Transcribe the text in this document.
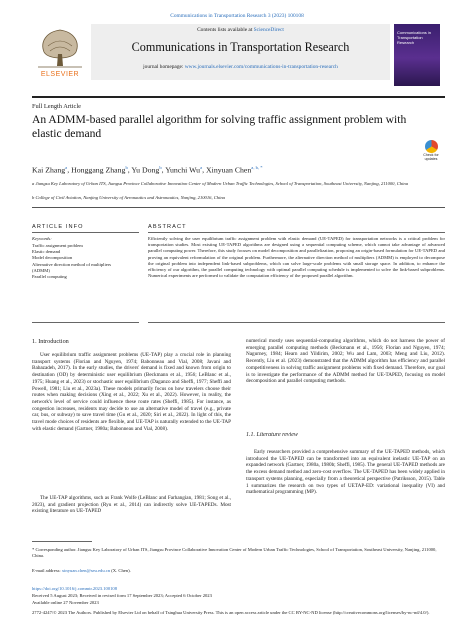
Communications in Transportation Research 3 (2023) 100108
ELSEVIER
Contents lists available at ScienceDirect
Communications in Transportation Research
journal homepage: www.journals.elsevier.com/communications-in-transportation-research
Communications in Transportation Research
Full Length Article
An ADMM-based parallel algorithm for solving traffic assignment problem with elastic demand
Check for updates
Kai Zhang$^a$, Honggang Zhang$^b$, Yu Dong$^b$, Yunchi Wu$^a$, Xinyuan Chen$^{a, b, *}$
a Jiangsu Key Laboratory of Urban ITS, Jiangsu Province Collaborative Innovation Center of Modern Urban Traffic Technologies, School of Transportation, Southeast University, Nanjing, 211000, China
b College of Civil Aviation, Nanjing University of Aeronautics and Astronautics, Nanjing, 210016, China
ARTICLE INFO
Keywords:
Traffic assignment problem
Elastic demand
Model decomposition
Alternative direction method of multipliers
(ADMM)
Parallel computing
ABSTRACT
Efficiently solving the user equilibrium traffic assignment problem with elastic demand (UE-TAPED) for transportation networks is a critical problem for transportation studies. Most existing UE-TAPED algorithms are designed using a sequential computing scheme, which cannot take advantage of advanced parallel computing power. Therefore, this study focuses on model decomposition and parallelization, proposing an origin-based formulation for UE-TAPED and proving an equivalent reformulation of the original problem. Furthermore, the alternative direction method of multipliers (ADMM) is employed to decompose the original problem into independent link-based subproblems, which can solve large-scale problems with small storage space. In addition, to enhance the efficiency of our algorithm, the parallel computing technology with optimal parallel computing schedule is implemented to solve the link-based subproblems. Numerical experiments are performed to validate the computation efficiency of the proposed parallel algorithm.
1. Introduction

User equilibrium traffic assignment problems (UE-TAP) play a crucial role in planning transport systems (Florian and Nguyen, 1974; Babonneau and Vial, 2008; Javani and Babazadeh, 2017). In the early studies, the drivers' demand is fixed and known from origin to destination (OD) by deterministic user equilibrium (Beckmann et al., 1956; LeBlanc et al., 1975; Huang et al., 2023) or stochastic user equilibrium (Daganzo and Sheffi, 1977; Sheffi and Powell, 1981; Liu et al., 2023a). These models primarily focus on how travelers choose their routes when making decisions (Xing et al., 2022; Xu et al., 2022). However, in reality, the network's level of service could influence these route rates (Sheffi, 1985). For instance, as congestion increases, residents may decide to use an alternative model of travel (e.g., private car, bus, or subway) to save travel time (Gu et al., 2020; Siri et al., 2022). In light of this, the travel mode choices of residents are flexible, and UE-TAP is naturally extended to the UE-TAP with elastic demand (Gartner, 1980a; Babonneau and Vial, 2008).

The UE-TAP algorithms, such as Frank Wolfe (LeBlanc and Farhangian, 1981; Song et al., 2023), and gradient projection (Ryu et al., 2014) can indirectly solve UE-TAPEDs. Most existing literature on UE-TAPED

numerical mostly uses sequential-computing algorithms, which do not harness the power of emerging parallel computing methods (Beckmann et al., 1956; Florian and Nguyen, 1974; Nagurney, 1984; Hearn and Yildirim, 2002; Wu and Lam, 2003; Meng and Liu, 2012). Recently, Liu et al. (2023) demonstrated that the ADMM algorithm has efficiency and parallel competitiveness in solving traffic assignment problems with fixed demand. Therefore, our goal is to investigate the performance of the ADMM method for UE-TAPED, focusing on model decomposition and parallel computing methods.

1.1. Literature review

Early researchers provided a comprehensive summary of the UE-TAPED methods, which introduced the UE-TAPED can be transformed into an equivalent inelastic UE-TAP on an expanded network (Gartner, 1980a, 1980b; Sheffi, 1985). The general UE-TAPED methods are the excess demand method and zero-cost overflow. The UE-TAPED has been widely applied in transport systems planning, especially from a theoretical perspective (Patriksson, 2015). Table 1 summarizes the research on two types of UETAP-ED: variational inequality (VI) and mathematical programming (MP).

* Corresponding author. Jiangsu Key Laboratory of Urban ITS, Jiangsu Province Collaborative Innovation Center of Modern Urban Traffic Technologies, School of Transportation, Southeast University, Nanjing, 211000, China.
E-mail address: xinyuan.chen@seu.edu.cn (X. Chen).
https://doi.org/10.1016/j.commtr.2023.100108
Received 5 August 2023; Received in revised form 17 September 2023; Accepted 6 October 2023
Available online 27 November 2023
2772-4247/© 2023 The Authors. Published by Elsevier Ltd on behalf of Tsinghua University Press. This is an open access article under the CC BY-NC-ND license (http://creativecommons.org/licenses/by-nc-nd/4.0/).
